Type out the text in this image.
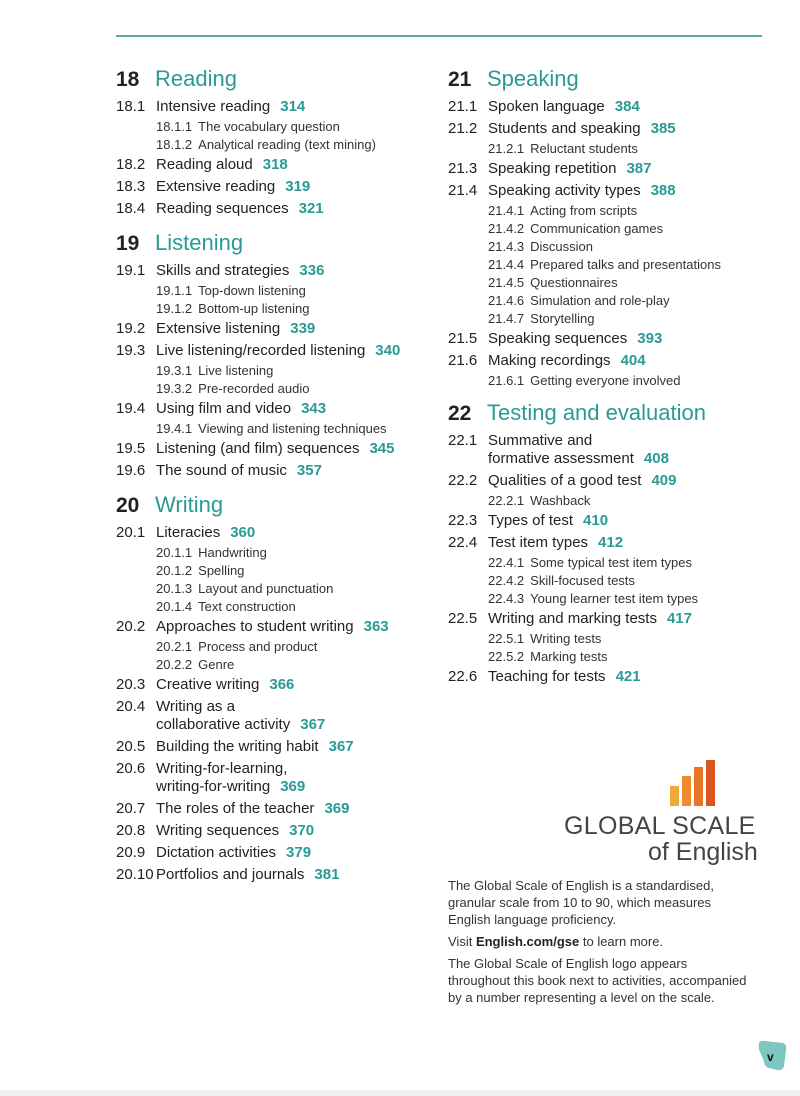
18 Reading
18.1 Intensive reading 314
18.1.1 The vocabulary question
18.1.2 Analytical reading (text mining)
18.2 Reading aloud 318
18.3 Extensive reading 319
18.4 Reading sequences 321
19 Listening
19.1 Skills and strategies 336
19.1.1 Top-down listening
19.1.2 Bottom-up listening
19.2 Extensive listening 339
19.3 Live listening/recorded listening 340
19.3.1 Live listening
19.3.2 Pre-recorded audio
19.4 Using film and video 343
19.4.1 Viewing and listening techniques
19.5 Listening (and film) sequences 345
19.6 The sound of music 357
20 Writing
20.1 Literacies 360
20.1.1 Handwriting
20.1.2 Spelling
20.1.3 Layout and punctuation
20.1.4 Text construction
20.2 Approaches to student writing 363
20.2.1 Process and product
20.2.2 Genre
20.3 Creative writing 366
20.4 Writing as a
collaborative activity 367
20.5 Building the writing habit 367
20.6 Writing-for-learning,
writing-for-writing 369
20.7 The roles of the teacher 369
20.8 Writing sequences 370
20.9 Dictation activities 379
20.10 Portfolios and journals 381
21 Speaking
21.1 Spoken language 384
21.2 Students and speaking 385
21.2.1 Reluctant students
21.3 Speaking repetition 387
21.4 Speaking activity types 388
21.4.1 Acting from scripts
21.4.2 Communication games
21.4.3 Discussion
21.4.4 Prepared talks and presentations
21.4.5 Questionnaires
21.4.6 Simulation and role-play
21.4.7 Storytelling
21.5 Speaking sequences 393
21.6 Making recordings 404
21.6.1 Getting everyone involved
22 Testing and evaluation
22.1 Summative and
formative assessment 408
22.2 Qualities of a good test 409
22.2.1 Washback
22.3 Types of test 410
22.4 Test item types 412
22.4.1 Some typical test item types
22.4.2 Skill-focused tests
22.4.3 Young learner test item types
22.5 Writing and marking tests 417
22.5.1 Writing tests
22.5.2 Marking tests
22.6 Teaching for tests 421
GLOBAL SCALE
of English
The Global Scale of English is a standardised, granular scale from 10 to 90, which measures English language proficiency.
Visit English.com/gse to learn more.
The Global Scale of English logo appears throughout this book next to activities, accompanied by a number representing a level on the scale.
v
